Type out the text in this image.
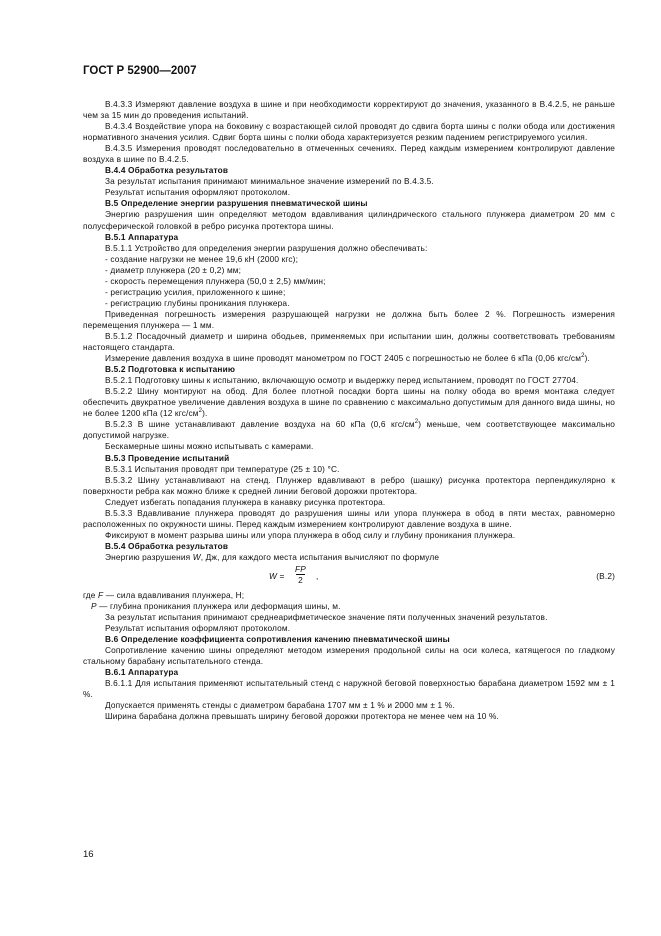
ГОСТ Р 52900—2007

В.4.3.3 Измеряют давление воздуха в шине и при необходимости корректируют до значения, указанного в В.4.2.5, не раньше чем за 15 мин до проведения испытаний.

В.4.3.4 Воздействие упора на боковину с возрастающей силой проводят до сдвига борта шины с полки обода или достижения нормативного значения усилия. Сдвиг борта шины с полки обода характеризуется резким падением регистрируемого усилия.

В.4.3.5 Измерения проводят последовательно в отмеченных сечениях. Перед каждым измерением контролируют давление воздуха в шине по В.4.2.5.

В.4.4 Обработка результатов

За результат испытания принимают минимальное значение измерений по В.4.3.5.

Результат испытания оформляют протоколом.

В.5 Определение энергии разрушения пневматической шины

Энергию разрушения шин определяют методом вдавливания цилиндрического стального плунжера диаметром 20 мм с полусферической головкой в ребро рисунка протектора шины.

В.5.1 Аппаратура

В.5.1.1 Устройство для определения энергии разрушения должно обеспечивать:

- создание нагрузки не менее 19,6 кН (2000 кгс);

- диаметр плунжера (20 ± 0,2) мм;

- скорость перемещения плунжера (50,0 ± 2,5) мм/мин;

- регистрацию усилия, приложенного к шине;

- регистрацию глубины проникания плунжера.

Приведенная погрешность измерения разрушающей нагрузки не должна быть более 2 %. Погрешность измерения перемещения плунжера — 1 мм.

В.5.1.2 Посадочный диаметр и ширина ободьев, применяемых при испытании шин, должны соответствовать требованиям настоящего стандарта.

Измерение давления воздуха в шине проводят манометром по ГОСТ 2405 с погрешностью не более 6 кПа (0,06 кгс/$см^2$).

В.5.2 Подготовка к испытанию

В.5.2.1 Подготовку шины к испытанию, включающую осмотр и выдержку перед испытанием, проводят по ГОСТ 27704.

В.5.2.2 Шину монтируют на обод. Для более плотной посадки борта шины на полку обода во время монтажа следует обеспечить двукратное увеличение давления воздуха в шине по сравнению с максимально допустимым для данного вида шины, но не более 1200 кПа (12 кгс/$см^2$).

В.5.2.3 В шине устанавливают давление воздуха на 60 кПа (0,6 кгс/$см^2$) меньше, чем соответствующее максимально допустимой нагрузке.

Бескамерные шины можно испытывать с камерами.

В.5.3 Проведение испытаний

В.5.3.1 Испытания проводят при температуре (25 ± 10) °С.

В.5.3.2 Шину устанавливают на стенд. Плунжер вдавливают в ребро (шашку) рисунка протектора перпендикулярно к поверхности ребра как можно ближе к средней линии беговой дорожки протектора.

Следует избегать попадания плунжера в канавку рисунка протектора.

В.5.3.3 Вдавливание плунжера проводят до разрушения шины или упора плунжера в обод в пяти местах, равномерно расположенных по окружности шины. Перед каждым измерением контролируют давление воздуха в шине.

Фиксируют в момент разрыва шины или упора плунжера в обод силу и глубину проникания плунжера.

В.5.4 Обработка результатов

Энергию разрушения W, Дж, для каждого места испытания вычисляют по формуле

$W = \frac{FP}{2}$ ,	(В.2)

где F — сила вдавливания плунжера, Н;

P — глубина проникания плунжера или деформация шины, м.

За результат испытания принимают среднеарифметическое значение пяти полученных значений результатов.

Результат испытания оформляют протоколом.

В.6 Определение коэффициента сопротивления качению пневматической шины

Сопротивление качению шины определяют методом измерения продольной силы на оси колеса, катящегося по гладкому стальному барабану испытательного стенда.

В.6.1 Аппаратура

В.6.1.1 Для испытания применяют испытательный стенд с наружной беговой поверхностью барабана диаметром 1592 мм ± 1 %.

Допускается применять стенды с диаметром барабана 1707 мм ± 1 % и 2000 мм ± 1 %.

Ширина барабана должна превышать ширину беговой дорожки протектора не менее чем на 10 %.

16
